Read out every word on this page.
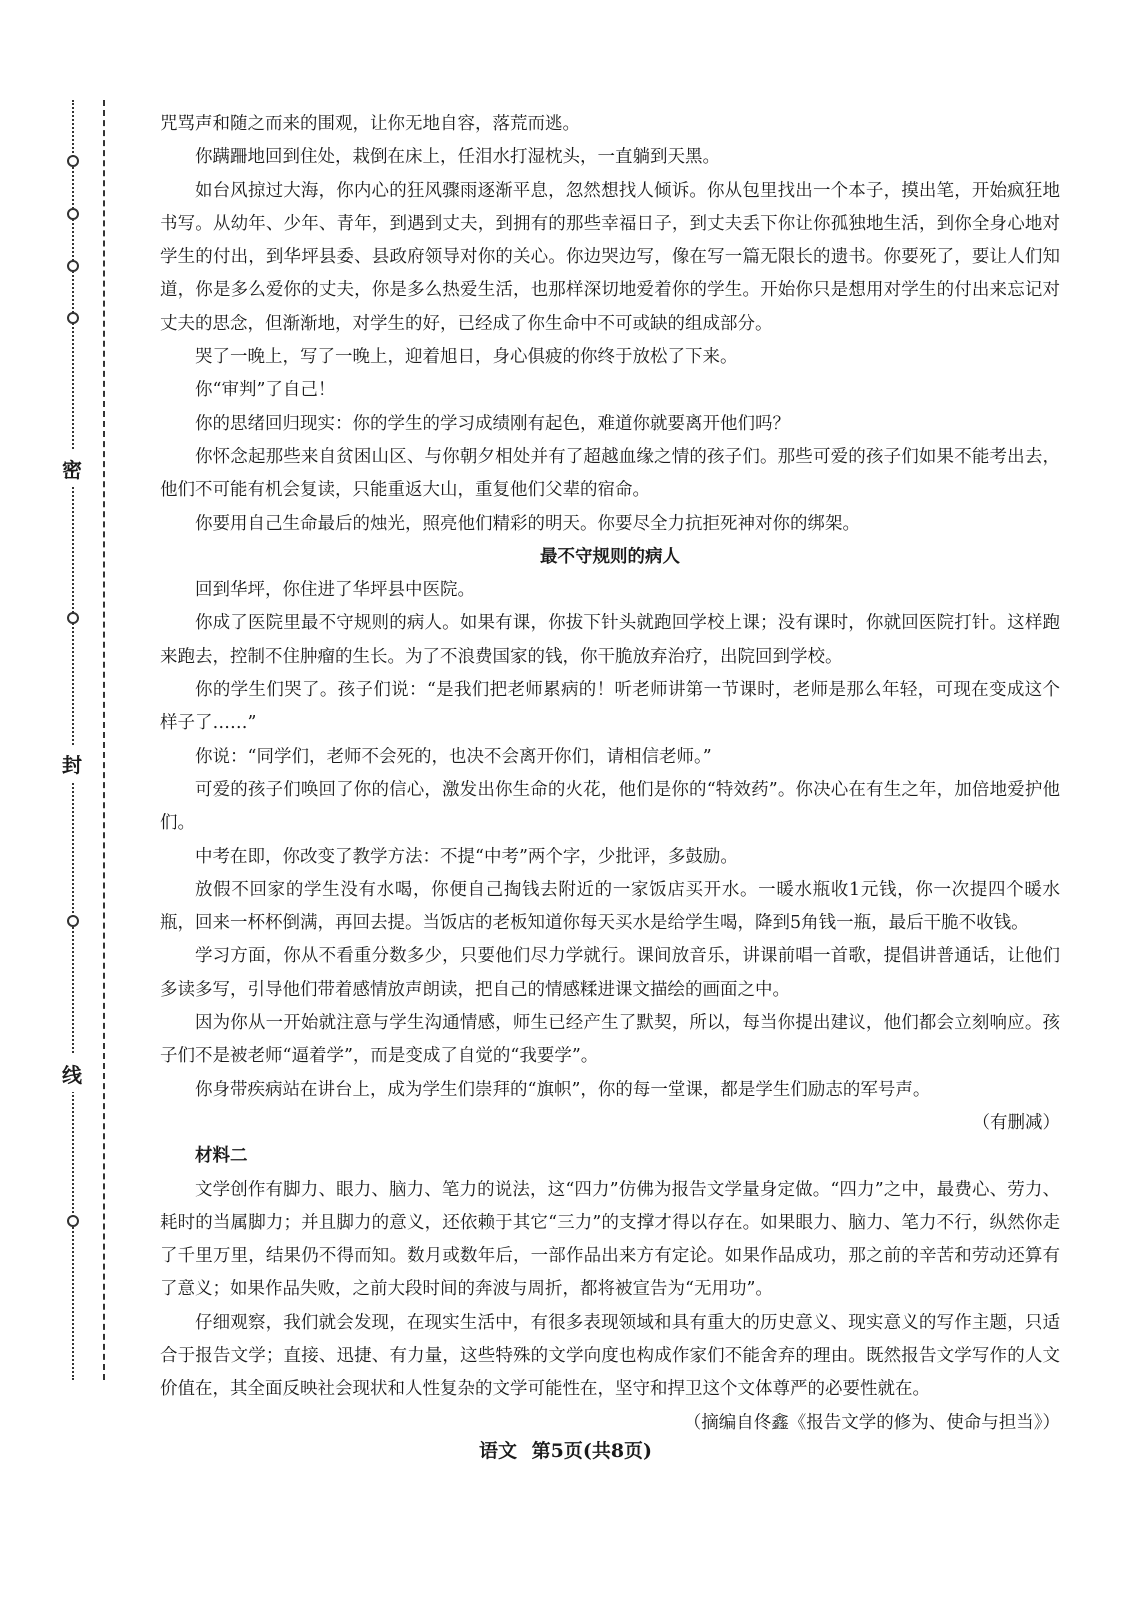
密
封
线

咒骂声和随之而来的围观，让你无地自容，落荒而逃。

你蹒跚地回到住处，栽倒在床上，任泪水打湿枕头，一直躺到天黑。

如台风掠过大海，你内心的狂风骤雨逐渐平息，忽然想找人倾诉。你从包里找出一个本子，摸出笔，开始疯狂地书写。从幼年、少年、青年，到遇到丈夫，到拥有的那些幸福日子，到丈夫丢下你让你孤独地生活，到你全身心地对学生的付出，到华坪县委、县政府领导对你的关心。你边哭边写，像在写一篇无限长的遗书。你要死了，要让人们知道，你是多么爱你的丈夫，你是多么热爱生活，也那样深切地爱着你的学生。开始你只是想用对学生的付出来忘记对丈夫的思念，但渐渐地，对学生的好，已经成了你生命中不可或缺的组成部分。

哭了一晚上，写了一晚上，迎着旭日，身心俱疲的你终于放松了下来。

你“审判”了自己！

你的思绪回归现实：你的学生的学习成绩刚有起色，难道你就要离开他们吗？

你怀念起那些来自贫困山区、与你朝夕相处并有了超越血缘之情的孩子们。那些可爱的孩子们如果不能考出去，他们不可能有机会复读，只能重返大山，重复他们父辈的宿命。

你要用自己生命最后的烛光，照亮他们精彩的明天。你要尽全力抗拒死神对你的绑架。

最不守规则的病人

回到华坪，你住进了华坪县中医院。

你成了医院里最不守规则的病人。如果有课，你拔下针头就跑回学校上课；没有课时，你就回医院打针。这样跑来跑去，控制不住肿瘤的生长。为了不浪费国家的钱，你干脆放弃治疗，出院回到学校。

你的学生们哭了。孩子们说：“是我们把老师累病的！听老师讲第一节课时，老师是那么年轻，可现在变成这个样子了……”

你说：“同学们，老师不会死的，也决不会离开你们，请相信老师。”

可爱的孩子们唤回了你的信心，激发出你生命的火花，他们是你的“特效药”。你决心在有生之年，加倍地爱护他们。

中考在即，你改变了教学方法：不提“中考”两个字，少批评，多鼓励。

放假不回家的学生没有水喝，你便自己掏钱去附近的一家饭店买开水。一暖水瓶收1元钱，你一次提四个暖水瓶，回来一杯杯倒满，再回去提。当饭店的老板知道你每天买水是给学生喝，降到5角钱一瓶，最后干脆不收钱。

学习方面，你从不看重分数多少，只要他们尽力学就行。课间放音乐，讲课前唱一首歌，提倡讲普通话，让他们多读多写，引导他们带着感情放声朗读，把自己的情感糅进课文描绘的画面之中。

因为你从一开始就注意与学生沟通情感，师生已经产生了默契，所以，每当你提出建议，他们都会立刻响应。孩子们不是被老师“逼着学”，而是变成了自觉的“我要学”。

你身带疾病站在讲台上，成为学生们崇拜的“旗帜”，你的每一堂课，都是学生们励志的军号声。

（有删减）

材料二

文学创作有脚力、眼力、脑力、笔力的说法，这“四力”仿佛为报告文学量身定做。“四力”之中，最费心、劳力、耗时的当属脚力；并且脚力的意义，还依赖于其它“三力”的支撑才得以存在。如果眼力、脑力、笔力不行，纵然你走了千里万里，结果仍不得而知。数月或数年后，一部作品出来方有定论。如果作品成功，那之前的辛苦和劳动还算有了意义；如果作品失败，之前大段时间的奔波与周折，都将被宣告为“无用功”。

仔细观察，我们就会发现，在现实生活中，有很多表现领域和具有重大的历史意义、现实意义的写作主题，只适合于报告文学；直接、迅捷、有力量，这些特殊的文学向度也构成作家们不能舍弃的理由。既然报告文学写作的人文价值在，其全面反映社会现状和人性复杂的文学可能性在，坚守和捍卫这个文体尊严的必要性就在。

（摘编自佟鑫《报告文学的修为、使命与担当》）

语文 第5页(共8页)
